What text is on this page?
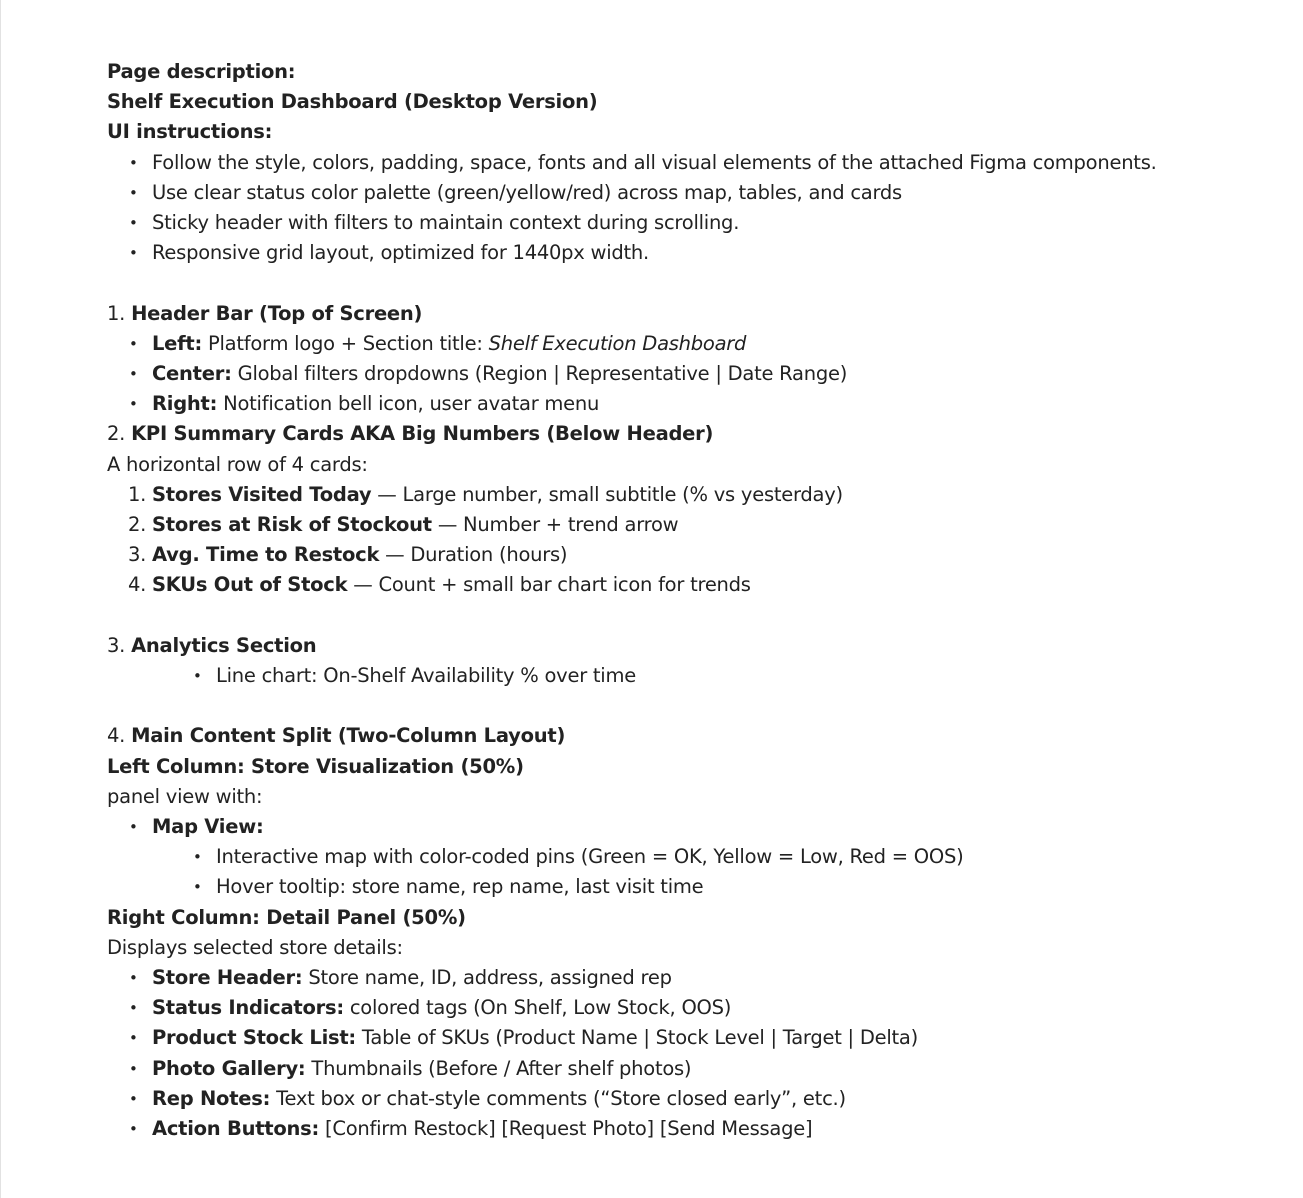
Page description:
Shelf Execution Dashboard (Desktop Version)
UI instructions:
• Follow the style, colors, padding, space, fonts and all visual elements of the attached Figma components.
• Use clear status color palette (green/yellow/red) across map, tables, and cards
• Sticky header with filters to maintain context during scrolling.
• Responsive grid layout, optimized for 1440px width.
1. Header Bar (Top of Screen)
• Left: Platform logo + Section title: Shelf Execution Dashboard
• Center: Global filters dropdowns (Region | Representative | Date Range)
• Right: Notification bell icon, user avatar menu
2. KPI Summary Cards AKA Big Numbers (Below Header)
A horizontal row of 4 cards:
1. Stores Visited Today — Large number, small subtitle (% vs yesterday)
2. Stores at Risk of Stockout — Number + trend arrow
3. Avg. Time to Restock — Duration (hours)
4. SKUs Out of Stock — Count + small bar chart icon for trends
3. Analytics Section
• Line chart: On-Shelf Availability % over time
4. Main Content Split (Two-Column Layout)
Left Column: Store Visualization (50%)
panel view with:
• Map View:
• Interactive map with color-coded pins (Green = OK, Yellow = Low, Red = OOS)
• Hover tooltip: store name, rep name, last visit time
Right Column: Detail Panel (50%)
Displays selected store details:
• Store Header: Store name, ID, address, assigned rep
• Status Indicators: colored tags (On Shelf, Low Stock, OOS)
• Product Stock List: Table of SKUs (Product Name | Stock Level | Target | Delta)
• Photo Gallery: Thumbnails (Before / After shelf photos)
• Rep Notes: Text box or chat-style comments (“Store closed early”, etc.)
• Action Buttons: [Confirm Restock] [Request Photo] [Send Message]
